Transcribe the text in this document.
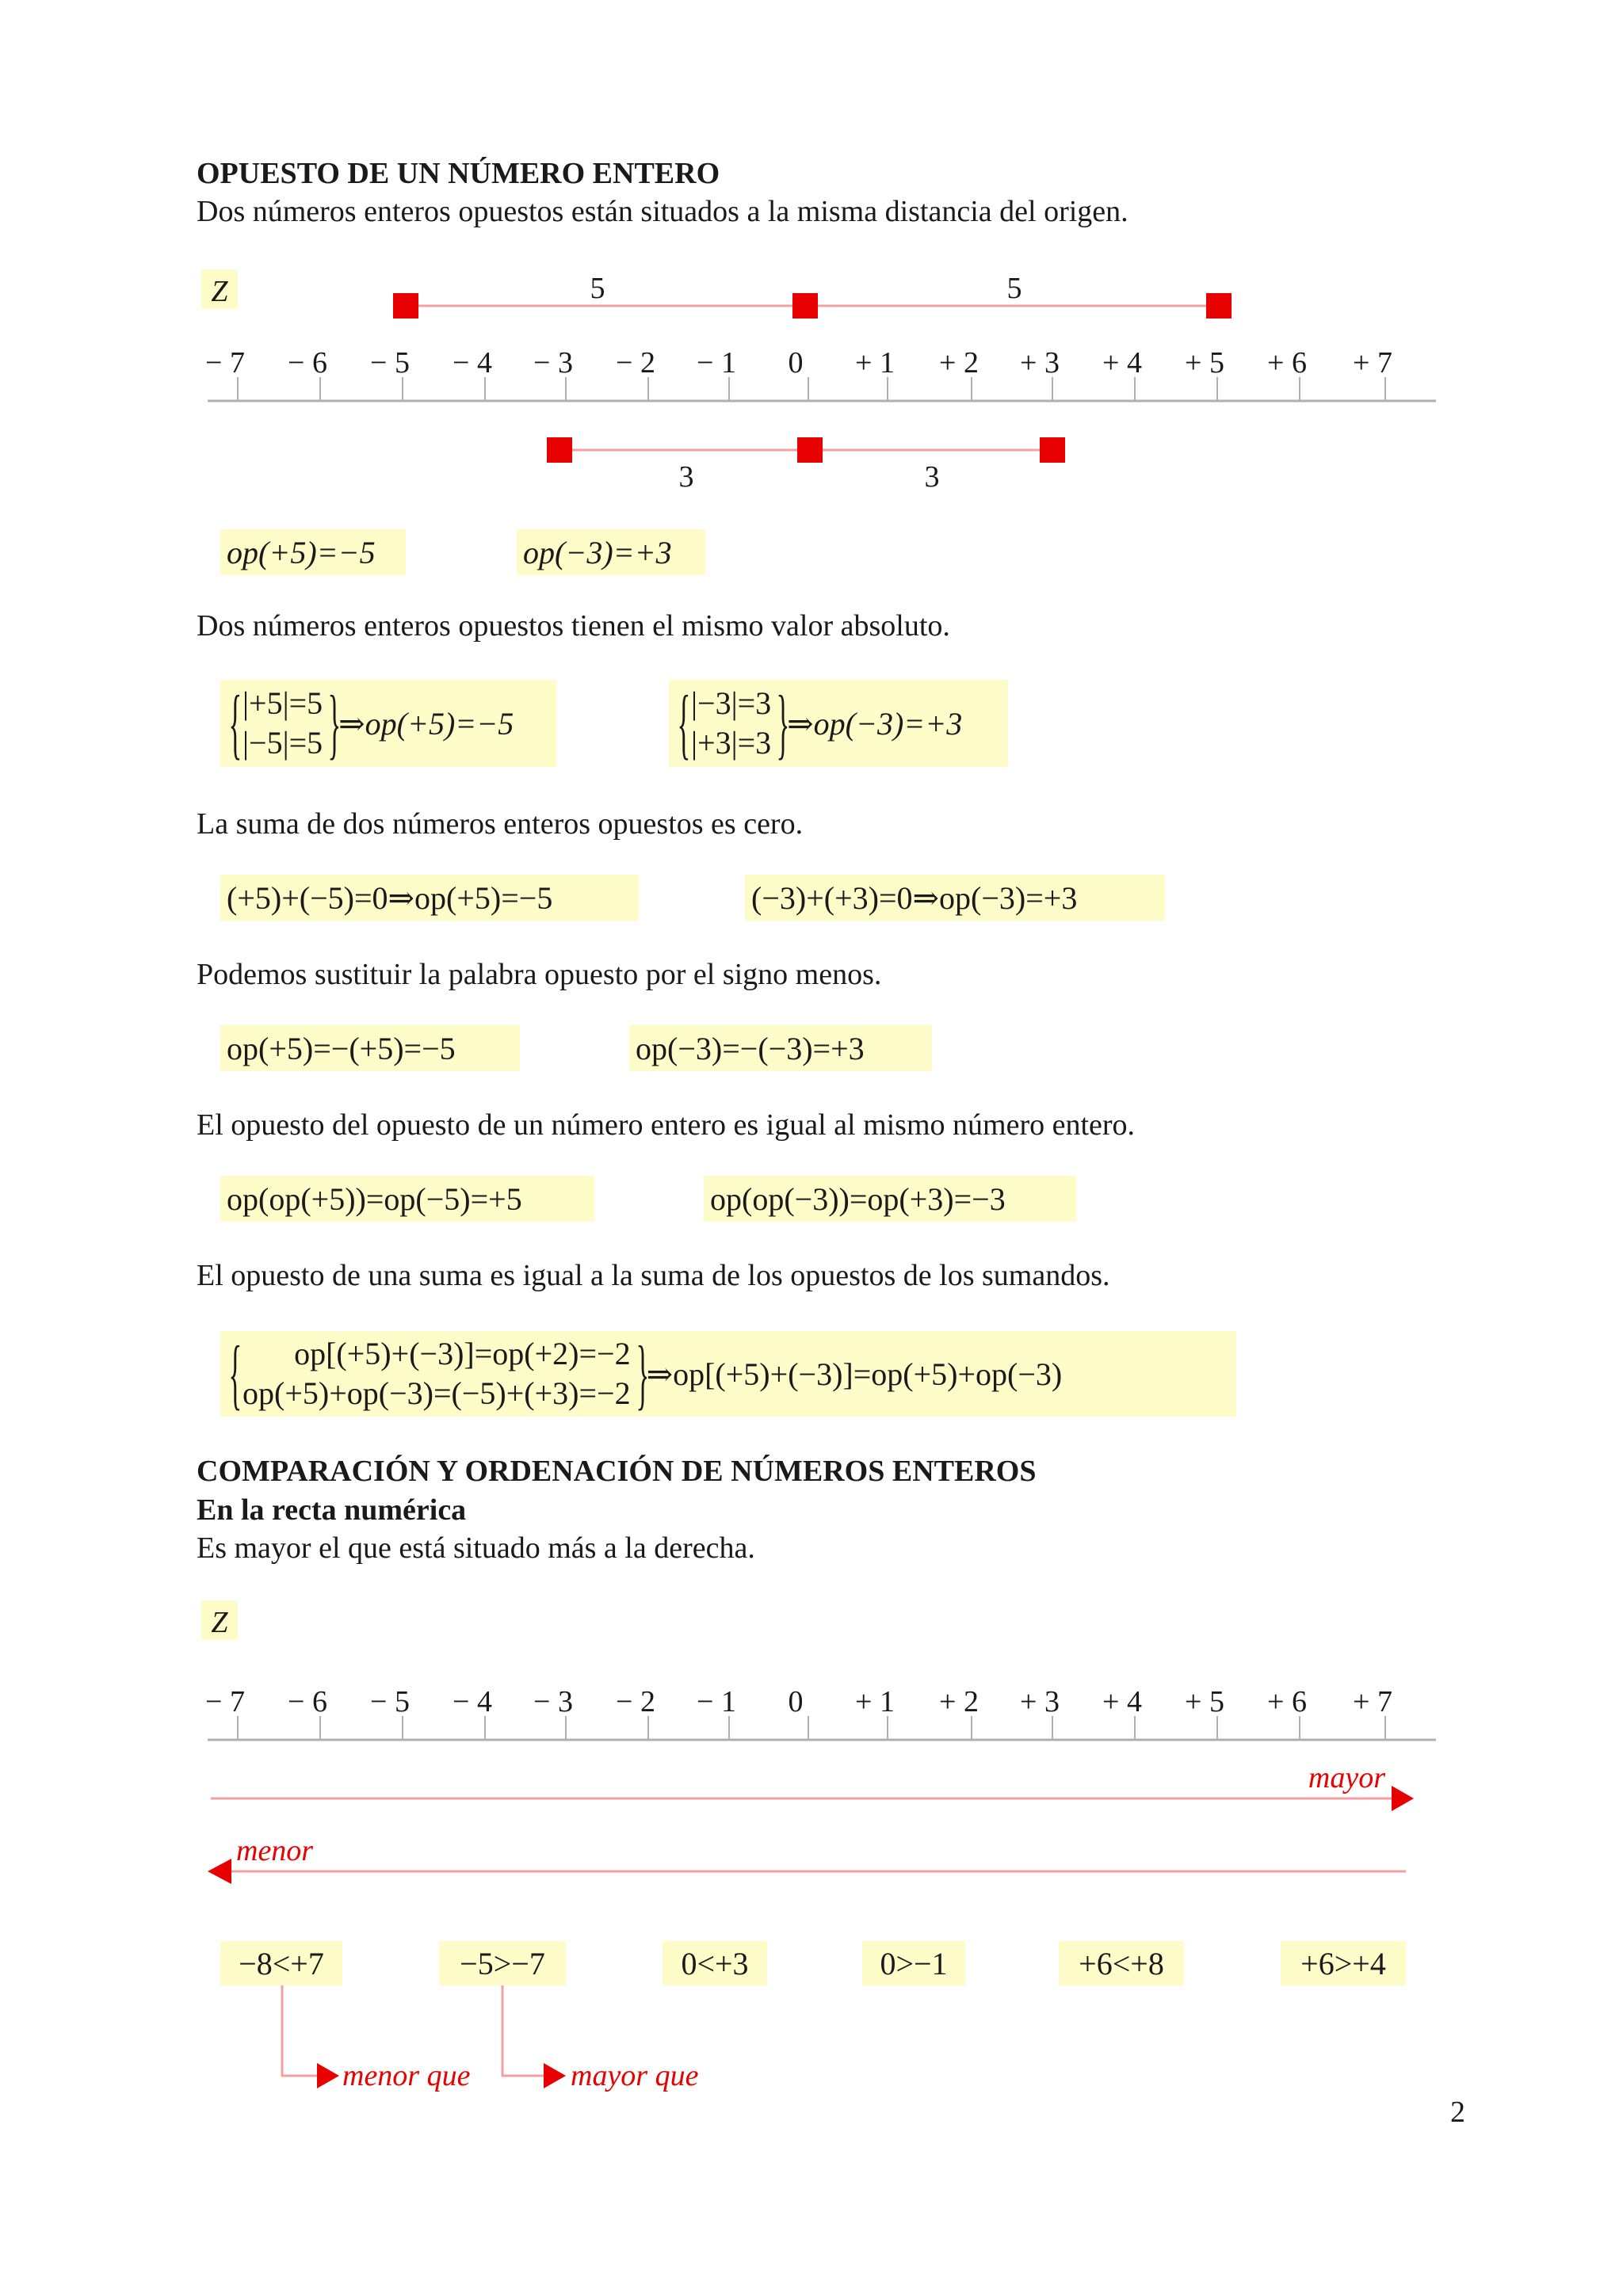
OPUESTO DE UN NÚMERO ENTERO
Dos números enteros opuestos están situados a la misma distancia del origen.
Z	5	5
− 7 − 6 − 5 − 4 − 3 − 2 − 1 0 + 1 + 2 + 3 + 4 + 5 + 6 + 7
3	3
op(+5)=−5	op(−3)=+3
Dos números enteros opuestos tienen el mismo valor absoluto.
{ |+5|=5
|−5|=5 }
⇒op(+5)=−5 { |−3|=3
|+3|=3 }
⇒op(−3)=+3
La suma de dos números enteros opuestos es cero.
(+5)+(−5)=0⇒op(+5)=−5	(−3)+(+3)=0⇒op(−3)=+3
Podemos sustituir la palabra opuesto por el signo menos.
op(+5)=−(+5)=−5	op(−3)=−(−3)=+3
El opuesto del opuesto de un número entero es igual al mismo número entero.
op(op(+5))=op(−5)=+5	op(op(−3))=op(+3)=−3
El opuesto de una suma es igual a la suma de los opuestos de los sumandos.
{	op[(+5)+(−3)]=op(+2)=−2
op(+5)+op(−3)=(−5)+(+3)=−2 }
⇒op[(+5)+(−3)]=op(+5)+op(−3)
COMPARACIÓN Y ORDENACIÓN DE NÚMEROS ENTEROS
En la recta numérica
Es mayor el que está situado más a la derecha.
Z
− 7 − 6 − 5 − 4 − 3 − 2 − 1 0 + 1 + 2 + 3 + 4 + 5 + 6 + 7
mayor
menor
−8<+7	−5>−7	0<+3	0>−1	+6<+8	+6>+4
menor que	mayor que
2
